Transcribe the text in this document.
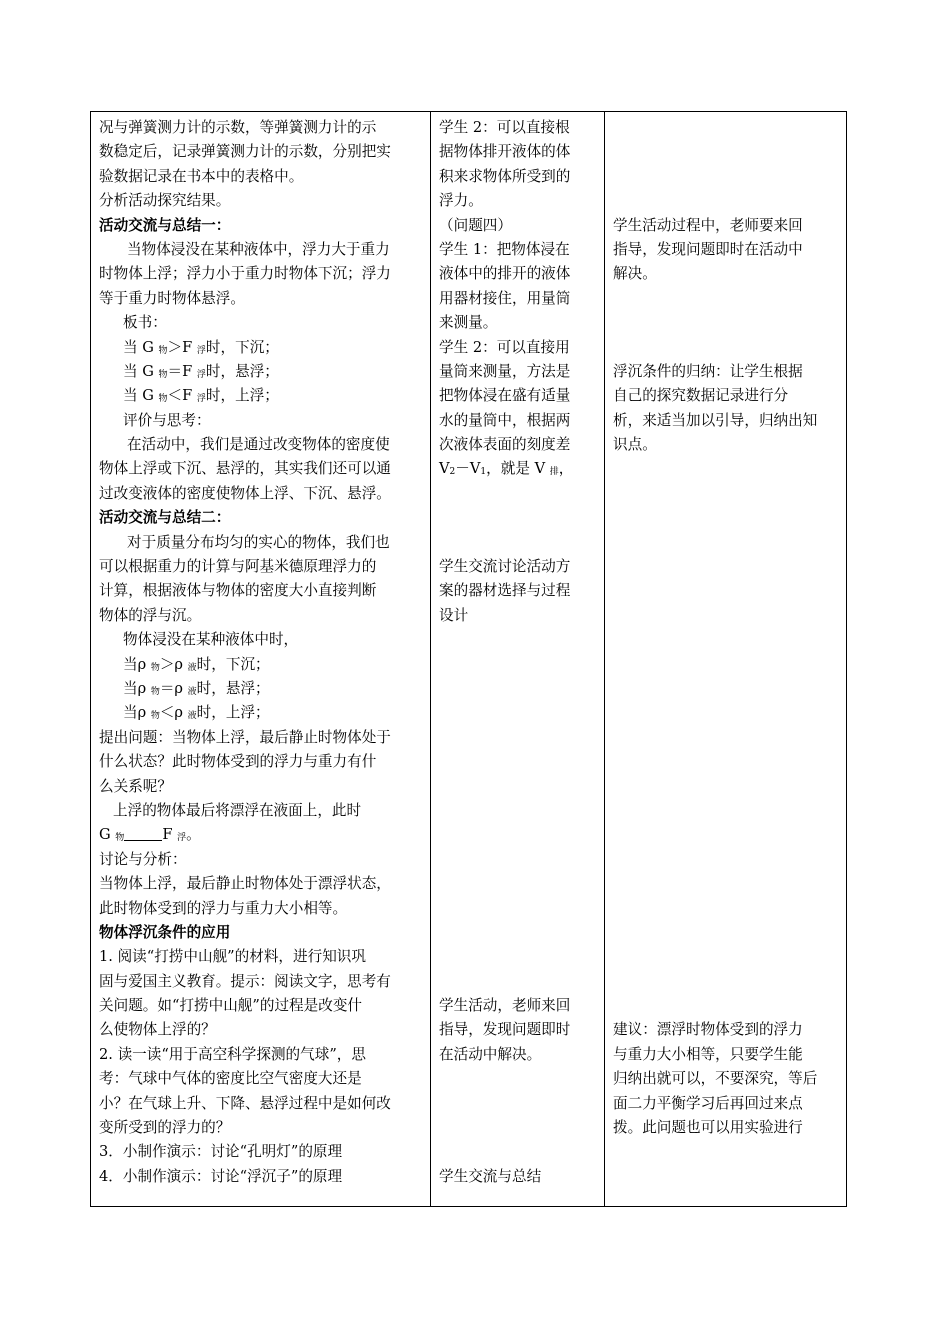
况与弹簧测力计的示数，等弹簧测力计的示
数稳定后，记录弹簧测力计的示数，分别把实
验数据记录在书本中的表格中。
分析活动探究结果。
活动交流与总结一：
当物体浸没在某种液体中，浮力大于重力
时物体上浮；浮力小于重力时物体下沉；浮力
等于重力时物体悬浮。
板书：
当 G $_物$＞F $_浮$时，下沉；
当 G $_物$＝F $_浮$时，悬浮；
当 G $_物$＜F $_浮$时，上浮；
评价与思考：
在活动中，我们是通过改变物体的密度使
物体上浮或下沉、悬浮的，其实我们还可以通
过改变液体的密度使物体上浮、下沉、悬浮。
活动交流与总结二：
对于质量分布均匀的实心的物体，我们也
可以根据重力的计算与阿基米德原理浮力的
计算，根据液体与物体的密度大小直接判断
物体的浮与沉。
物体浸没在某种液体中时，
当ρ $_物$＞ρ $_液$时，下沉；
当ρ $_物$＝ρ $_液$时，悬浮；
当ρ $_物$＜ρ $_液$时，上浮；
提出问题：当物体上浮，最后静止时物体处于
什么状态？此时物体受到的浮力与重力有什
么关系呢？
上浮的物体最后将漂浮在液面上，此时
G $_物$	F $_浮$。
讨论与分析：
当物体上浮，最后静止时物体处于漂浮状态，
此时物体受到的浮力与重力大小相等。
物体浮沉条件的应用
1. 阅读“打捞中山舰”的材料，进行知识巩
固与爱国主义教育。提示：阅读文字，思考有
关问题。如“打捞中山舰”的过程是改变什
么使物体上浮的？
2. 读一读“用于高空科学探测的气球”，思
考：气球中气体的密度比空气密度大还是
小？在气球上升、下降、悬浮过程中是如何改
变所受到的浮力的？
3．小制作演示：讨论“孔明灯”的原理
4．小制作演示：讨论“浮沉子”的原理
学生 2：可以直接根
据物体排开液体的体
积来求物体所受到的
浮力。
（问题四）
学生 1：把物体浸在
液体中的排开的液体
用器材接住，用量筒
来测量。
学生 2：可以直接用
量筒来测量，方法是
把物体浸在盛有适量
水的量筒中，根据两
次液体表面的刻度差
$V_2-V_1$，就是 V $_排$，
学生交流讨论活动方
案的器材选择与过程
设计
学生活动，老师来回
指导，发现问题即时
在活动中解决。
学生交流与总结
学生活动过程中，老师要来回
指导，发现问题即时在活动中
解决。
浮沉条件的归纳：让学生根据
自己的探究数据记录进行分
析，来适当加以引导，归纳出知
识点。
建议：漂浮时物体受到的浮力
与重力大小相等，只要学生能
归纳出就可以，不要深究，等后
面二力平衡学习后再回过来点
拨。此问题也可以用实验进行
